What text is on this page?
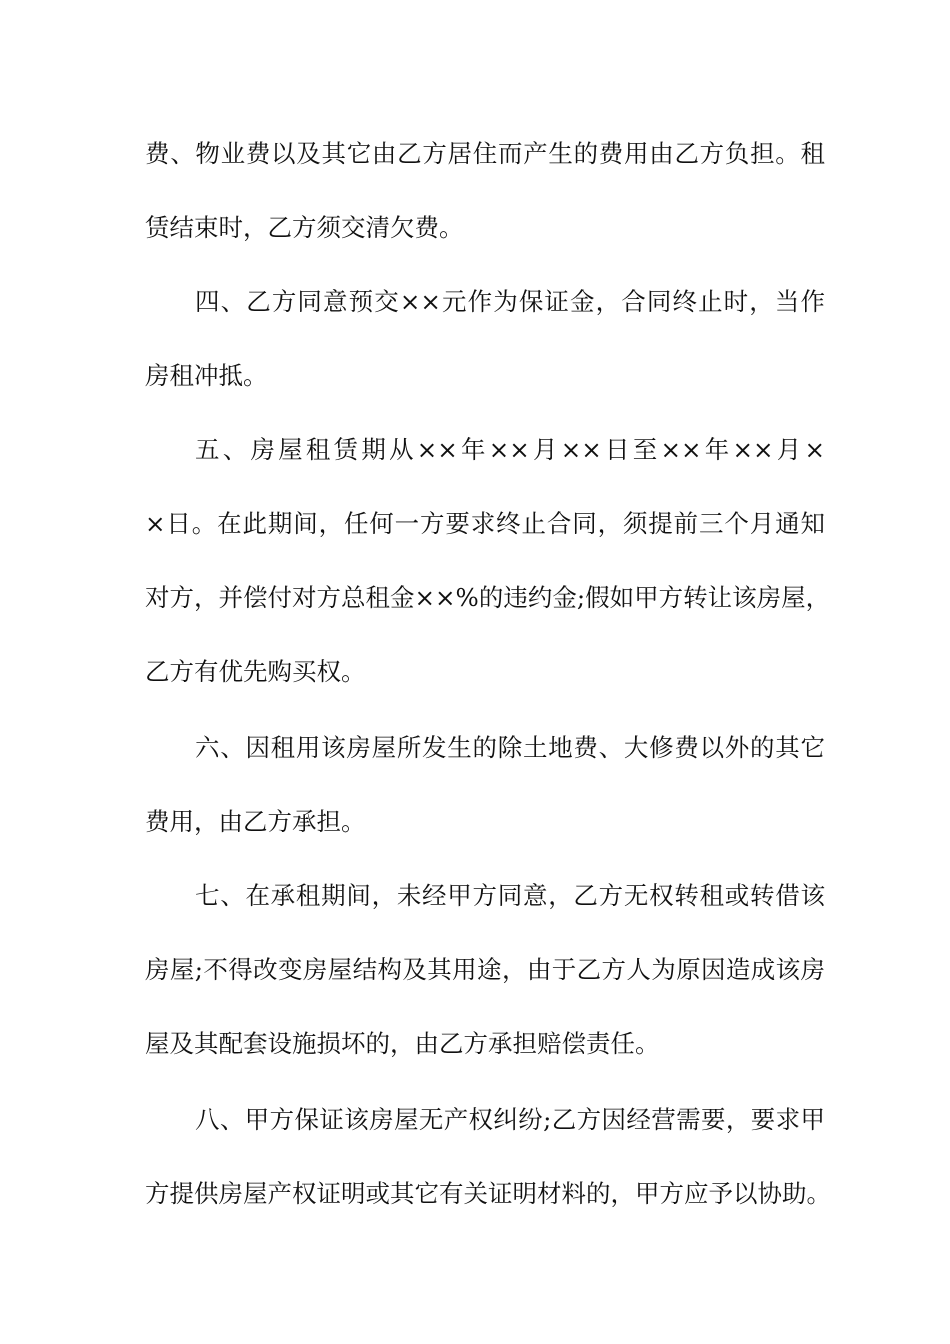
费、物业费以及其它由乙方居住而产生的费用由乙方负担。租
赁结束时，乙方须交清欠费。
四、乙方同意预交××元作为保证金，合同终止时，当作
房租冲抵。
五、房屋租赁期从××年××月××日至××年××月×
×日。在此期间，任何一方要求终止合同，须提前三个月通知
对方，并偿付对方总租金××%的违约金;假如甲方转让该房屋，
乙方有优先购买权。
六、因租用该房屋所发生的除土地费、大修费以外的其它
费用，由乙方承担。
七、在承租期间，未经甲方同意，乙方无权转租或转借该
房屋;不得改变房屋结构及其用途，由于乙方人为原因造成该房
屋及其配套设施损坏的，由乙方承担赔偿责任。
八、甲方保证该房屋无产权纠纷;乙方因经营需要，要求甲
方提供房屋产权证明或其它有关证明材料的，甲方应予以协助。
